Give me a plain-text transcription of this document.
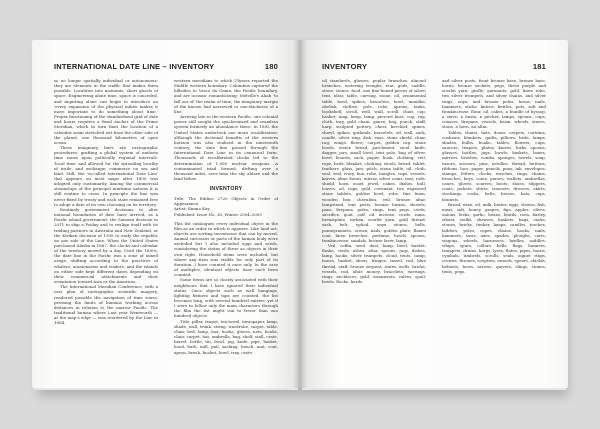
INTERNATIONAL DATE LINE – INVENTORY	180

so no longer spatially individual or autonomous: they are elements in the traffic that makes them possible. Localities into moments, short ghosts of space. Engineering alone time, space is conceded, and inquiring alone can begin to introduce an 'every expansion of the physical milieu makes it more important to do something about time.' Proper functioning of the standardized grid of date and hours requires a fixed anchor of the Prime Meridian, which in turn fixes the location of a calendar seam stretched out from the other side of the planet, one thousand kilometres of open ocean.

These imaginary lines are cartographic procedures: grafting a global system of uniform time zones upon politically regional intervals: 'local time' and allowed for the spreading locality of trade, and exchange, commerce on sea and land. Still, the 'so-called International Date Line' that appears on most maps after 1890 was adopted only customarily. Among the commercial steamships of the principal maritime nations it is still routine to cross. In principle the line was never fixed by treaty and each state remained free to adopt a date of its own choosing on its territory.

Routinely government decisions to alter national boundaries of date have arrived, as a Pacific island government: the Samoan decision in 2011 to skip a Friday and to realign itself with its trading partners in Australia and New Zealand, or the Kiribati decision of 1995 to unify the republic on one side of the Line. When the United States purchased Alaska in 1867, the clocks and calendar of the territory moved by a day. Until the 1890s, the date line in the Pacific was a zone of mixed usage, shifting according to the practices of whalers, missionaries and traders, and the islands on either side kept different dates depending on their commercial attachments and their orientation toward Asia or the Americas.

The International Meridian Conference, with a vast plan of cartographic scientific imagery, rendered possible the navigation of time zones, pressing the limits of humans working across distances in relation to the narrow Pacific. The traditional human where Last year Wentworth — at the map's edge — was reordered by the Line in 1884.

western meridians to which Ulysses reported the Middle western boundary. Columbus captured the hillsides to Vasco da Gama, the Pacific boundary, and are oceanic romanticizing: Melville's Ahab 'to fall out of' the realm of time; the imaginary margin of the known had narrowed to one-thickness of a line.

Arriving late in the western Pacific, one colonial power still sought the synchronized and seamless system formerly an abundance there. In 1892 the United States undertook one more recalibration: although the doctrinal benefits of the western horizon was also realized in the nineteenth century, the date line passed through the International Date Line in its canonical form. Thousands of recalibrated clocks led to the determination of 1,000 nuclear weapons. A contaminated triad formed, drifting over a thousand miles, over time the sky ablaze and the land below.

INVENTORY
Title: The Eddies 2720 Objects in Order of Appearance
Artist: Emma Kay
Published: Issue No. 36, Winter 2004–2005

This list catalogues every individual object in the film as an order in which it appears. Like land art, objects are sorting inventories that can by moved. Animal carcasses or parts of the human body were excluded but I also included eggs and seeds, considering the status of these as objects in their own right. Household items were included, but where any item was visible for only part of its duration, I have counted it once only. In the case of multiples, identical objects have each been counted.

Some items are so closely associated with their neighbours that I have ignored their individual status. Once objects such as wall hangings, lighting fixtures and taps are counted, the list becomes long, with several hundred entries; yet if I were to follow only the main characters through the film the list might run to fewer than one hundred objects.

Title, pillar, teapot, tea-towel, newspaper, lamp, shade, wall, trunk, string, wardrobe, carpet, table, chair, bed, lamp, box, books, gloves, nets, hooks, chair, carpet, hat, umbrella, bag, shelf, stall, crate, barrel, bottle, tin, bowl, jug, knife, pipe, basket, hood, bath, mill, pail, sacking, bench, mat, coat, apron, brush, bucket, bowl, tray, crate.

INVENTORY	181

oil standards, glasses, poplar branches, almond branches, watering troughs, tent, gods, saddle, stone, stones, food, one fine-boned pieces of silver, tent, altar, table, carving, stone, oil, ornamental table, bowl, spikes, bracelets, bowl, manlike, obelisk, clothes, pole, robe, aprons, tanks, bookshelf, scroll, well, wall, scroll, chair, cup, basket, map, lamp, lamp, pierced knot, cup, rug, cloth, tray, gold chain, gauze, bag, pouch, staff, harp, sculpted pottery, chest, kerchief, spines, shawl, spikes, garlands, bracelets, oil, wall, sack, candle, silver ring, dish, vase, stone shield, chair, rug, wings, fleece, carpet, golden cup, stone bowls, water, bread, parchment, stool, knife, dagger, jars, small bowl, tent pole, bag of silver, bowl, boards, sack, paper, book, clothing, veil, rope, beds, blanket, clothing, stools, bread, tablet, feathers, glass, jars, pitch, stone table, oil, cloth, seal, seal, ivory, box, robe, bangles, cups, vessels, knives, altar, bones, mirror, silver coins, tent, rods, shield, horn, scarf, jewel, cakes, dishes, bull, loaves, oil, cups, gold, covenant, two engraved stone tablets, golden bowl, robe, fine linen, wooden box, cherubim, veil, bronze altar, lampstand, tent posts, bronze basins, shovels, pans, firepans, poles, rings, tent pegs, cords, sacrifice, goat, calf, oil, incense, cords, rams, breastplate, turban, scarlet yarn, gold thread, sash, belt, ephod, onyx stones, bells, pomegranates, crown, nails, golden plate, flaxen coat, linen breeches, perfume, bowls, spoons, frankincense, sandals, bronze laver, lamp.

Veil, coffin, seed, dust, lamp, bowl, basket, flasks, cords, ashes, altar, spoons, jugs, dishes, lamp, hooks, silver trumpets, cloud, tents, camp, bones, basket, shoes, fringes, tassel, rod, blue thread, staff, bronze serpent, water, wells, bricks, vessels, rod, altar, money, bracelets, earrings, rings, necklaces, gold, ornaments, calves, spoil, bowls, flocks, herds.

and silver posts, front bronze base, bronze base, horns, bronze sockets, pegs, three purple and scarlet yarn, girdle, garments, gold, linen robe, two silver trumpets, and silver chains, and silver rings, onyx, and bronze poles, brass, nails, hammers, sticks, knives, kettles, pots, salt and frankincense, flour, oil, cakes, a bundle of hyssop, a sieve, a basin, a pitcher, lamps, spoons, cups, censers, firepans, vessels, basin, wheels, staves, stone, a horn, an altar.

Tables, chairs, hats, doors, carpets, curtains, cushions, blankets, quilts, pillows, beds, lamps, shades, bulbs, books, tables, flowers, cups, saucers, teapots, plates, knives, forks, spoons, glasses, bottles, jugs, bowls, baskets, boxes, mirrors, brushes, combs, sponges, towels, soap, razors, scissors, pins, needles, thread, buttons, ribbons, lace, paper, pencils, pens, ink, envelopes, stamps, letters, clocks, watches, rings, chains, brooches, keys, coins, purses, wallets, umbrellas, canes, gloves, scarves, boots, shoes, slippers, coats, jackets, shirts, trousers, dresses, skirts, stockings, socks, belts, braces, hats, caps, bonnets.

Bread, wine, oil, milk, butter, eggs, cheese, fish, meat, salt, honey, grapes, figs, apples, olives, onions, leeks, garlic, beans, lentils, corn, barley, wheat, stalks, sheaves, baskets, bags, sacks, stones, bricks, timber, lamps, candles, torches, ladders, poles, ropes, chains, hooks, nails, hammers, saws, axes, spades, ploughs, carts, wagons, wheels, harnesses, bridles, saddles, whips, spurs, collars, bells, flags, banners, trumpets, drums, harps, lyres, flutes, pipes, horns, cymbals, timbrels, scrolls, seals, signet rings, crowns, thrones, sceptres, swords, spears, shields, helmets, bows, arrows, quivers, slings, stones, tents, pegs.
